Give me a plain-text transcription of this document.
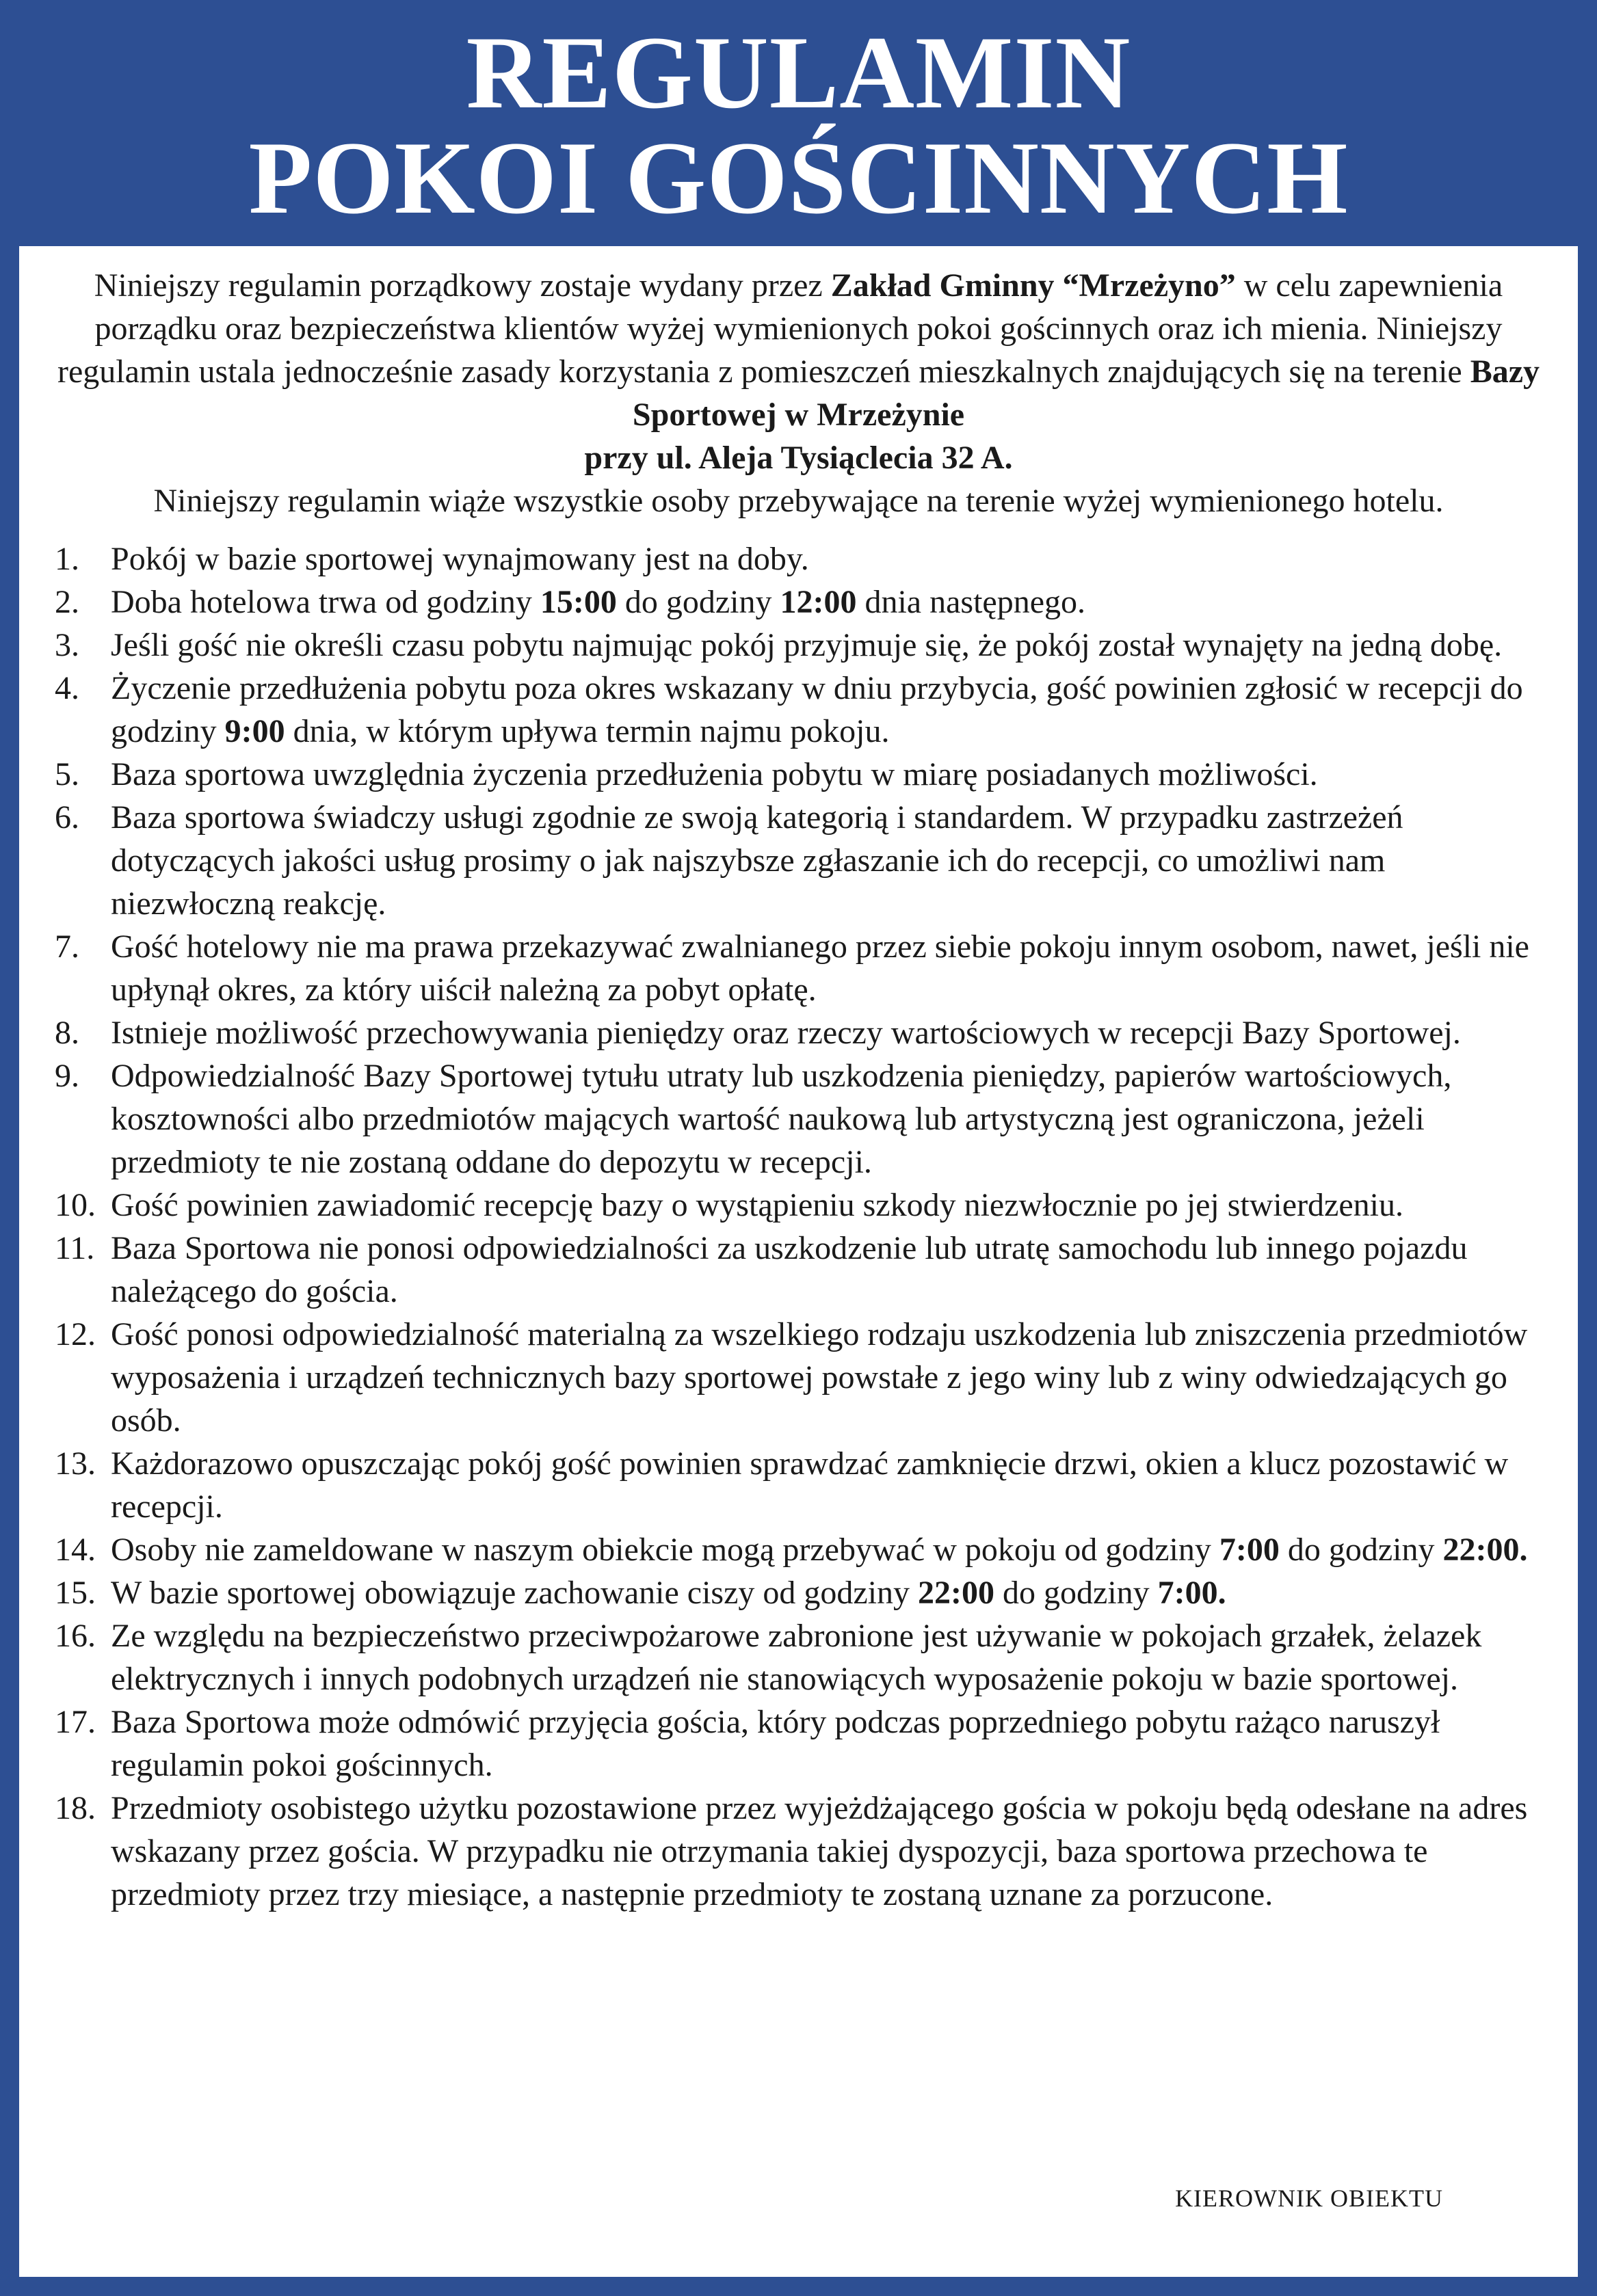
REGULAMIN
POKOI GOŚCINNYCH
Niniejszy regulamin porządkowy zostaje wydany przez Zakład Gminny “Mrzeżyno” w celu zapewnienia porządku oraz bezpieczeństwa klientów wyżej wymienionych pokoi gościnnych oraz ich mienia. Niniejszy regulamin ustala jednocześnie zasady korzystania z pomieszczeń mieszkalnych znajdujących się na terenie Bazy Sportowej w Mrzeżynie
przy ul. Aleja Tysiąclecia 32 A.
Niniejszy regulamin wiąże wszystkie osoby przebywające na terenie wyżej wymienionego hotelu.
1. Pokój w bazie sportowej wynajmowany jest na doby.
2. Doba hotelowa trwa od godziny 15:00 do godziny 12:00 dnia następnego.
3. Jeśli gość nie określi czasu pobytu najmując pokój przyjmuje się, że pokój został wynajęty na jedną dobę.
4. Życzenie przedłużenia pobytu poza okres wskazany w dniu przybycia, gość powinien zgłosić w recepcji do godziny 9:00 dnia, w którym upływa termin najmu pokoju.
5. Baza sportowa uwzględnia życzenia przedłużenia pobytu w miarę posiadanych możliwości.
6. Baza sportowa świadczy usługi zgodnie ze swoją kategorią i standardem. W przypadku zastrzeżeń dotyczących jakości usług prosimy o jak najszybsze zgłaszanie ich do recepcji, co umożliwi nam niezwłoczną reakcję.
7. Gość hotelowy nie ma prawa przekazywać zwalnianego przez siebie pokoju innym osobom, nawet, jeśli nie upłynął okres, za który uiścił należną za pobyt opłatę.
8. Istnieje możliwość przechowywania pieniędzy oraz rzeczy wartościowych w recepcji Bazy Sportowej.
9. Odpowiedzialność Bazy Sportowej tytułu utraty lub uszkodzenia pieniędzy, papierów wartościowych, kosztowności albo przedmiotów mających wartość naukową lub artystyczną jest ograniczona, jeżeli przedmioty te nie zostaną oddane do depozytu w recepcji.
10. Gość powinien zawiadomić recepcję bazy o wystąpieniu szkody niezwłocznie po jej stwierdzeniu.
11. Baza Sportowa nie ponosi odpowiedzialności za uszkodzenie lub utratę samochodu lub innego pojazdu należącego do gościa.
12. Gość ponosi odpowiedzialność materialną za wszelkiego rodzaju uszkodzenia lub zniszczenia przedmiotów wyposażenia i urządzeń technicznych bazy sportowej powstałe z jego winy lub z winy odwiedzających go osób.
13. Każdorazowo opuszczając pokój gość powinien sprawdzać zamknięcie drzwi, okien a klucz pozostawić w recepcji.
14. Osoby nie zameldowane w naszym obiekcie mogą przebywać w pokoju od godziny 7:00 do godziny 22:00.
15. W bazie sportowej obowiązuje zachowanie ciszy od godziny 22:00 do godziny 7:00.
16. Ze względu na bezpieczeństwo przeciwpożarowe zabronione jest używanie w pokojach grzałek, żelazek elektrycznych i innych podobnych urządzeń nie stanowiących wyposażenie pokoju w bazie sportowej.
17. Baza Sportowa może odmówić przyjęcia gościa, który podczas poprzedniego pobytu rażąco naruszył regulamin pokoi gościnnych.
18. Przedmioty osobistego użytku pozostawione przez wyjeżdżającego gościa w pokoju będą odesłane na adres wskazany przez gościa. W przypadku nie otrzymania takiej dyspozycji, baza sportowa przechowa te przedmioty przez trzy miesiące, a następnie przedmioty te zostaną uznane za porzucone.
KIEROWNIK OBIEKTU
